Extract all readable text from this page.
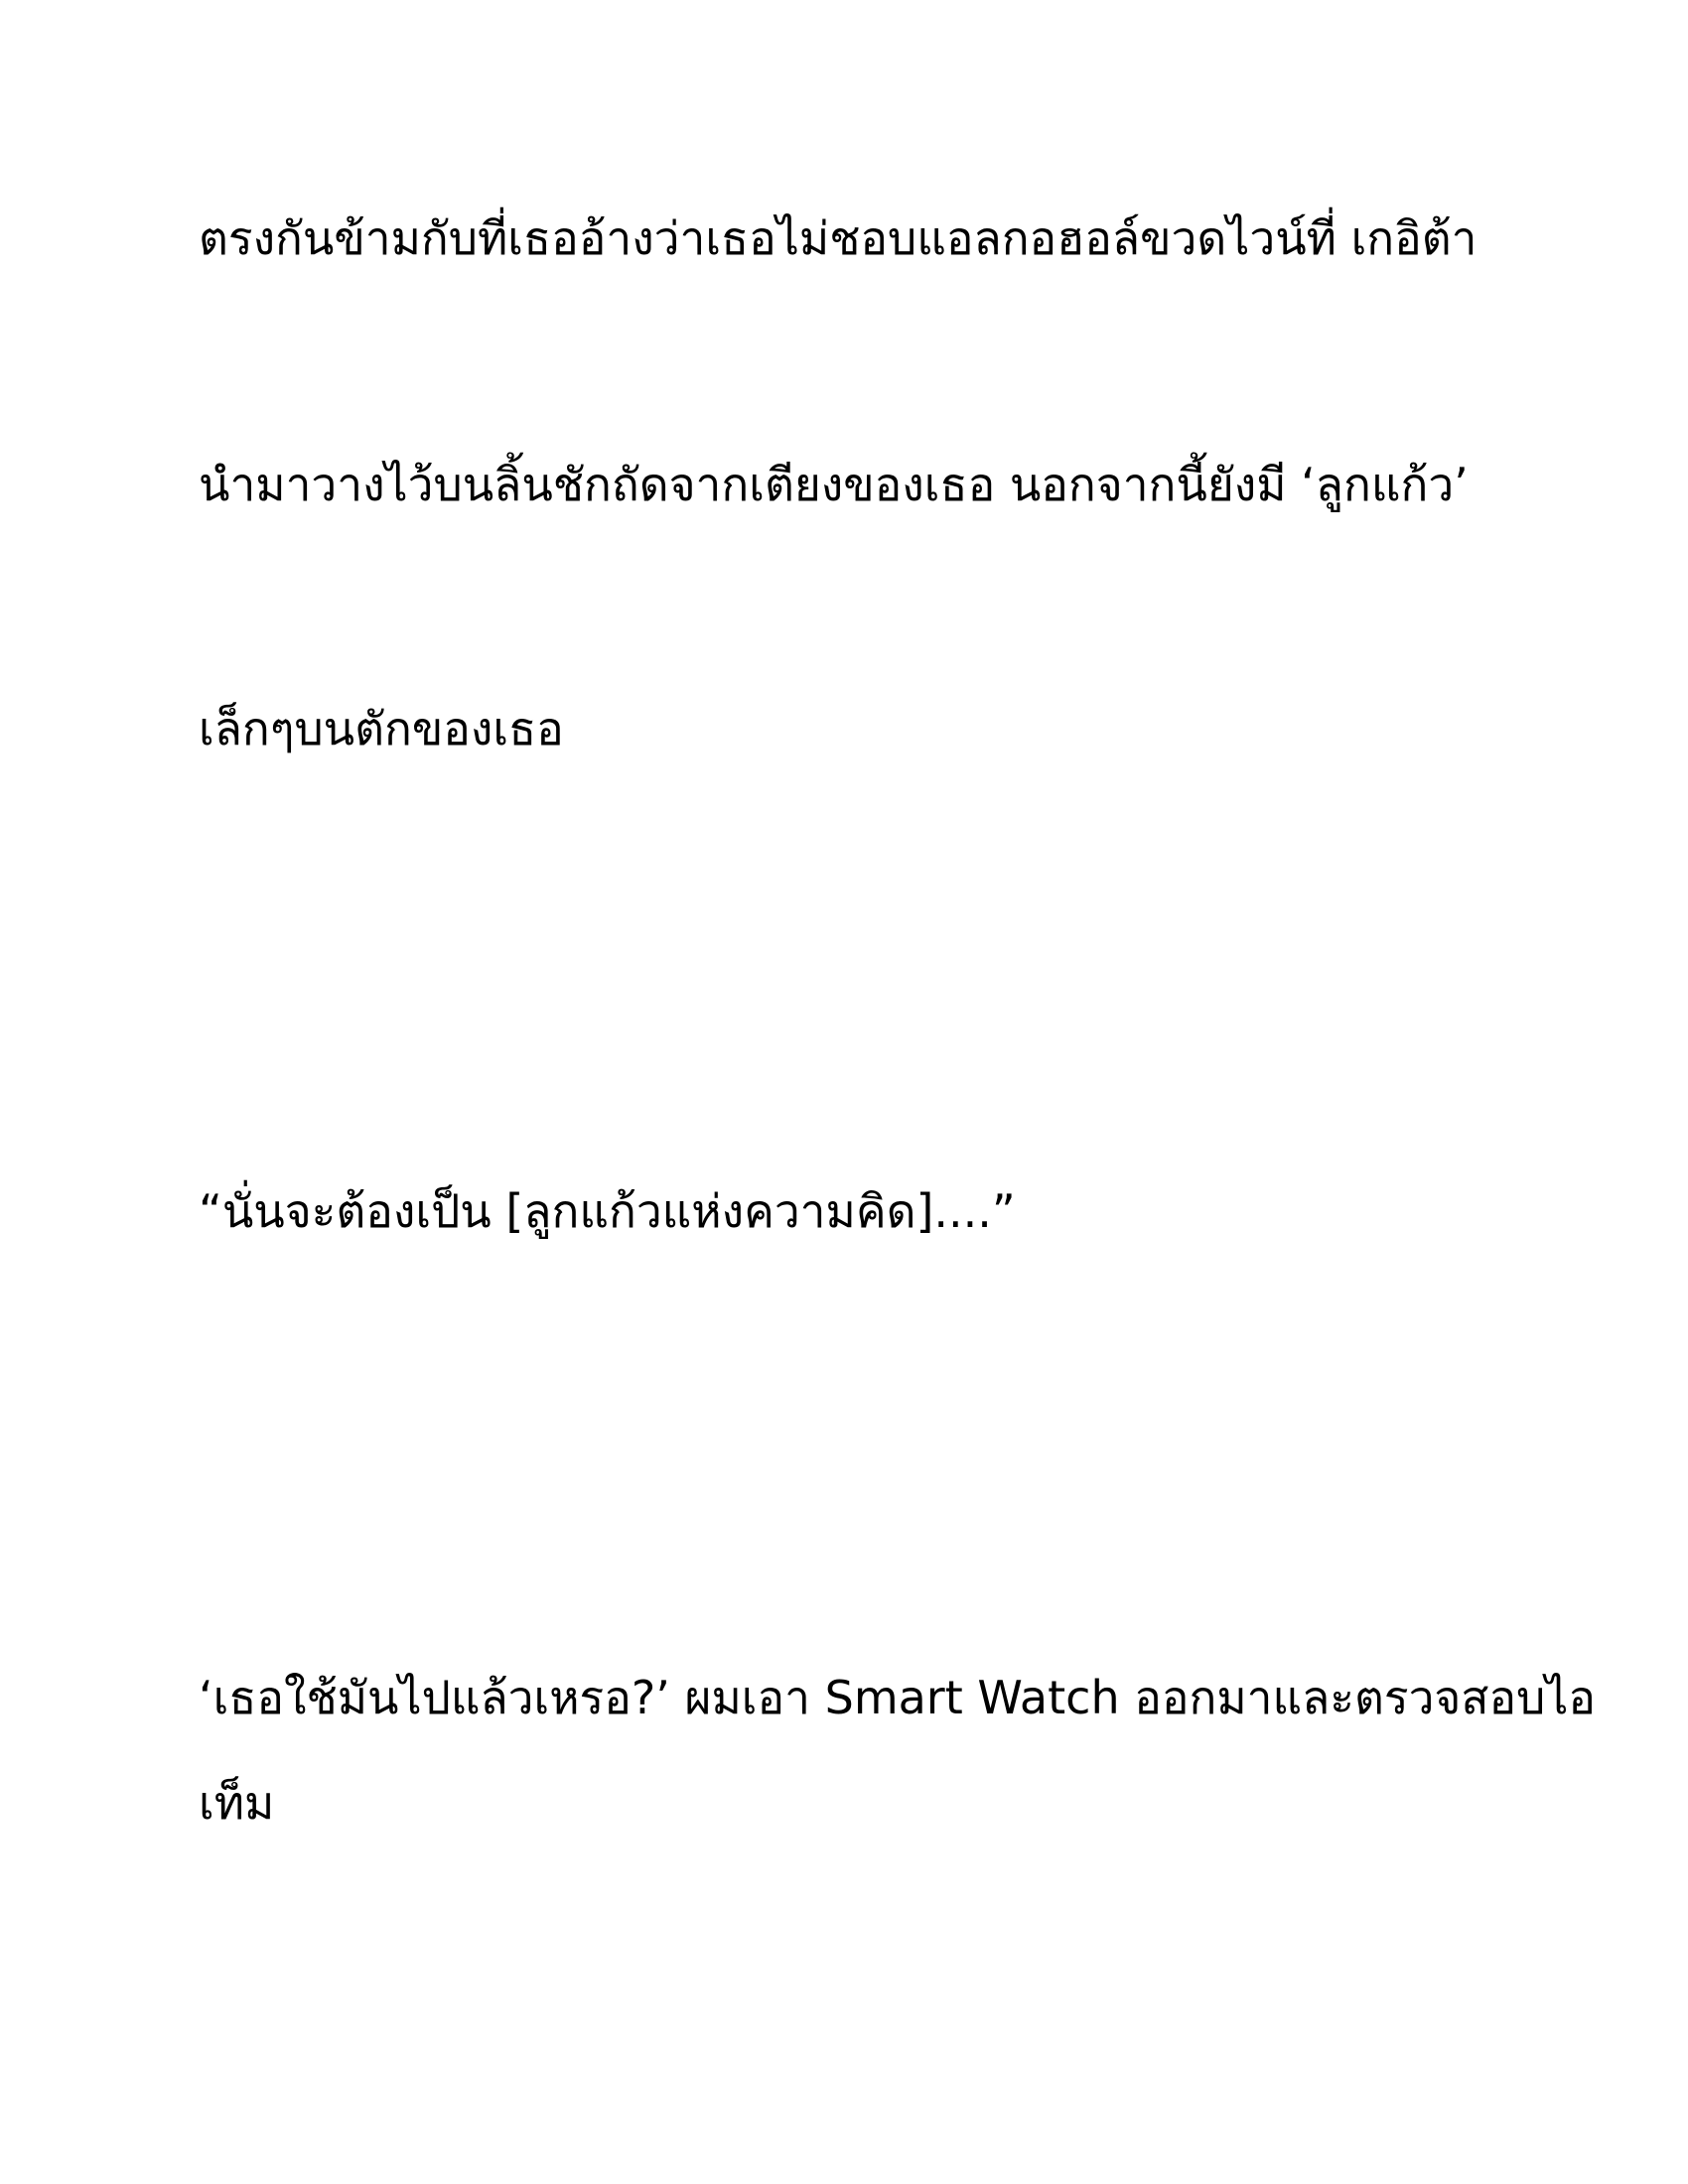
ตรงกันข้ามกับที่เธออ้างว่าเธอไม่ชอบแอลกอฮอล์ขวดไวน์ที่ เกอิต้า

นำมาวางไว้บนลิ้นชักถัดจากเตียงของเธอ นอกจากนี้ยังมี ‘ลูกแก้ว’

เล็กๆบนตักของเธอ

“นั่นจะต้องเป็น [ลูกแก้วแห่งความคิด]....”

‘เธอใช้มันไปแล้วเหรอ?’ ผมเอา Smart Watch ออกมาและตรวจสอบไอ

เท็ม
